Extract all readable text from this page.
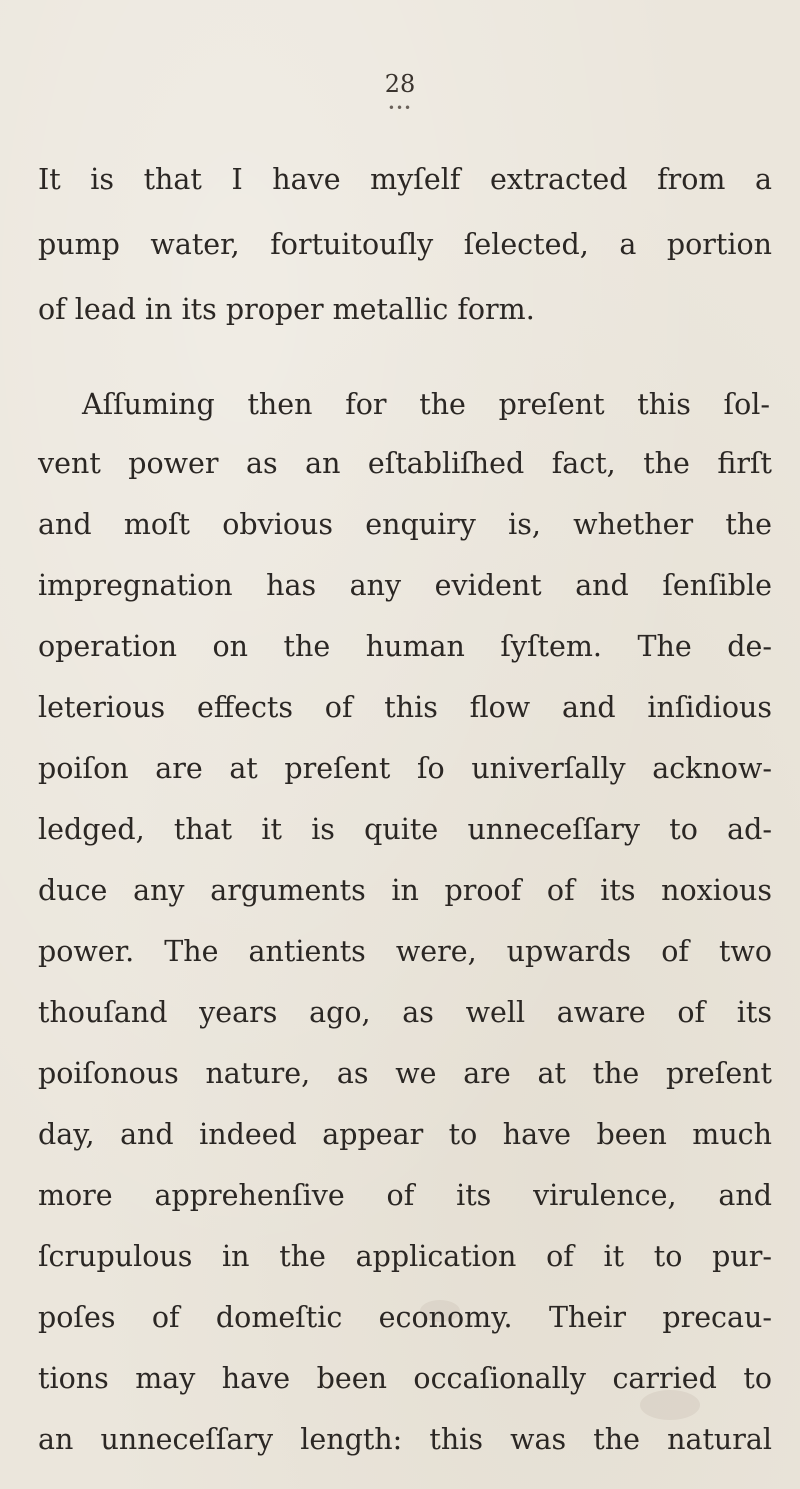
28
•••
It is that I have myſelf extracted from a
pump water, fortuitouſly ſelected, a portion
of lead in its proper metallic form.
Aſſuming then for the preſent this ſol-
vent power as an eſtabliſhed fact, the firſt
and moſt obvious enquiry is, whether the
impregnation has any evident and ſenſible
operation on the human ſyſtem. The de-
leterious effects of this flow and inſidious
poiſon are at preſent ſo univerſally acknow-
ledged, that it is quite unneceſſary to ad-
duce any arguments in proof of its noxious
power. The antients were, upwards of two
thouſand years ago, as well aware of its
poiſonous nature, as we are at the preſent
day, and indeed appear to have been much
more apprehenſive of its virulence, and
ſcrupulous in the application of it to pur-
poſes of domeſtic economy. Their precau-
tions may have been occaſionally carried to
an unneceſſary length: this was the natural
